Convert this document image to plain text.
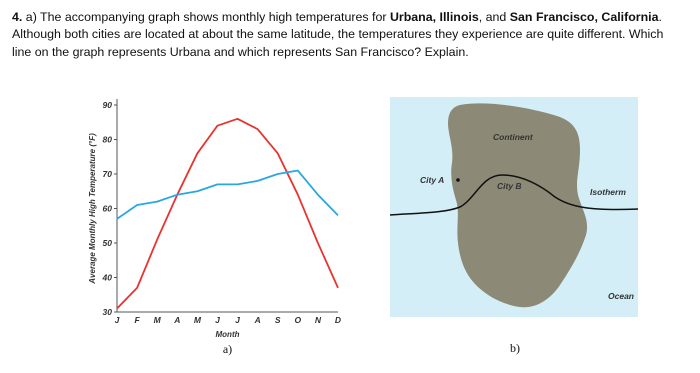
4. a) The accompanying graph shows monthly high temperatures for Urbana, Illinois, and San Francisco, California. Although both cities are located at about the same latitude, the temperatures they experience are quite different. Which line on the graph represents Urbana and which represents San Francisco? Explain.

30
40
50
60
70
80
90
J F M A M J J A S O N D
Month
Average Monthly High Temperature (°F)
a)
Continent
City A
City B
Isotherm
Ocean
b)
